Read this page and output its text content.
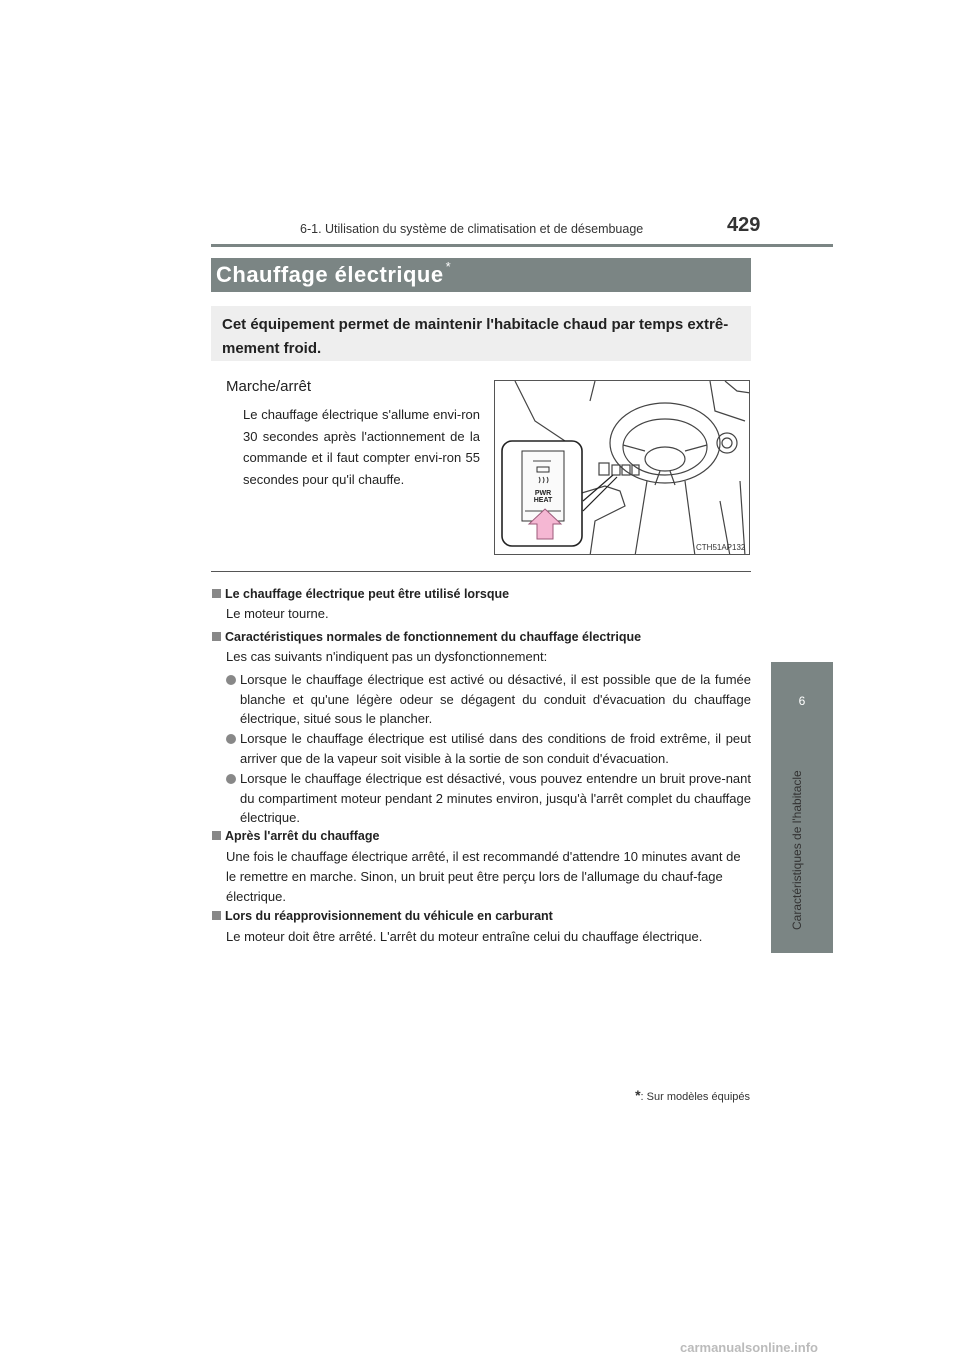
6-1. Utilisation du système de climatisation et de désembuage	429
6
Caractéristiques de l'habitacle
Chauffage électrique *
Cet équipement permet de maintenir l'habitacle chaud par temps extrê-mement froid.
Marche/arrêt
Le chauffage électrique s'allume envi-ron 30 secondes après l'actionnement de la commande et il faut compter envi-ron 55 secondes pour qu'il chauffe.
PWR
HEAT
CTH51AP132
Le chauffage électrique peut être utilisé lorsque
Le moteur tourne.
Caractéristiques normales de fonctionnement du chauffage électrique
Les cas suivants n'indiquent pas un dysfonctionnement:
Lorsque le chauffage électrique est activé ou désactivé, il est possible que de la fumée blanche et qu'une légère odeur se dégagent du conduit d'évacuation du chauffage électrique, situé sous le plancher.
Lorsque le chauffage électrique est utilisé dans des conditions de froid extrême, il peut arriver que de la vapeur soit visible à la sortie de son conduit d'évacuation.
Lorsque le chauffage électrique est désactivé, vous pouvez entendre un bruit prove-nant du compartiment moteur pendant 2 minutes environ, jusqu'à l'arrêt complet du chauffage électrique.
Après l'arrêt du chauffage
Une fois le chauffage électrique arrêté, il est recommandé d'attendre 10 minutes avant de le remettre en marche. Sinon, un bruit peut être perçu lors de l'allumage du chauf-fage électrique.
Lors du réapprovisionnement du véhicule en carburant
Le moteur doit être arrêté. L'arrêt du moteur entraîne celui du chauffage électrique.
*: Sur modèles équipés
carmanualsonline.info
